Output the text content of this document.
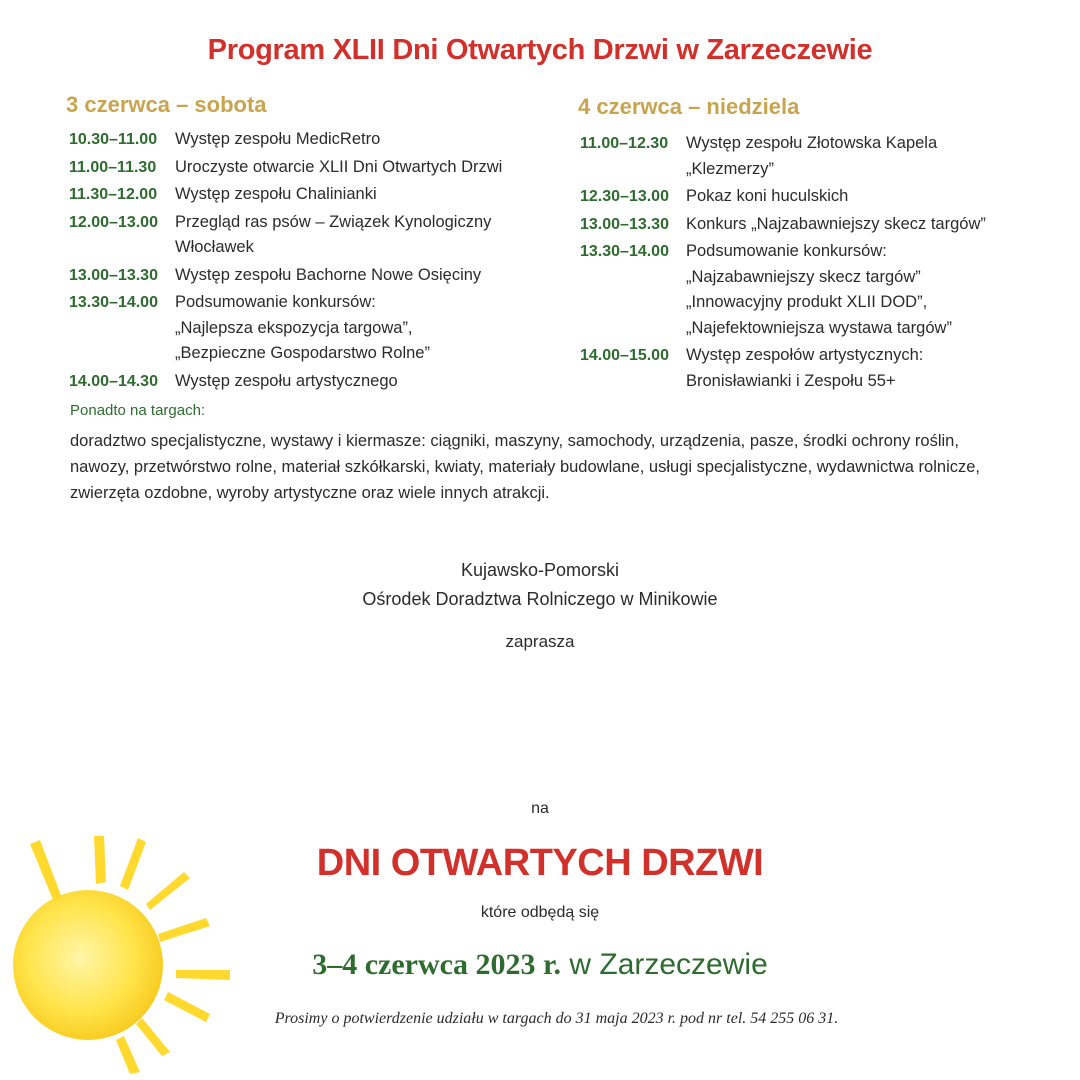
Program XLII Dni Otwartych Drzwi w Zarzeczewie
3 czerwca – sobota
10.30–11.00	Występ zespołu MedicRetro
11.00–11.30	Uroczyste otwarcie XLII Dni Otwartych Drzwi
11.30–12.00	Występ zespołu Chalinianki
12.00–13.00	Przegląd ras psów – Związek Kynologiczny
Włocławek
13.00–13.30	Występ zespołu Bachorne Nowe Osięciny
13.30–14.00	Podsumowanie konkursów:
„Najlepsza ekspozycja targowa”,
„Bezpieczne Gospodarstwo Rolne”
14.00–14.30	Występ zespołu artystycznego
4 czerwca – niedziela
11.00–12.30	Występ zespołu Złotowska Kapela
„Klezmerzy”
12.30–13.00	Pokaz koni huculskich
13.00–13.30	Konkurs „Najzabawniejszy skecz targów”
13.30–14.00	Podsumowanie konkursów:
„Najzabawniejszy skecz targów”
„Innowacyjny produkt XLII DOD”,
„Najefektowniejsza wystawa targów”
14.00–15.00	Występ zespołów artystycznych:
Bronisławianki i Zespołu 55+

Ponadto na targach:

doradztwo specjalistyczne, wystawy i kiermasze: ciągniki, maszyny, samochody, urządzenia, pasze, środki ochrony roślin, nawozy, przetwórstwo rolne, materiał szkółkarski, kwiaty, materiały budowlane, usługi specjalistyczne, wydawnictwa rolnicze, zwierzęta ozdobne, wyroby artystyczne oraz wiele innych atrakcji.

Kujawsko-Pomorski

Ośrodek Doradztwa Rolniczego w Minikowie

zaprasza

na

DNI OTWARTYCH DRZWI

które odbędą się

3–4 czerwca 2023 r. w Zarzeczewie

Prosimy o potwierdzenie udziału w targach do 31 maja 2023 r. pod nr tel. 54 255 06 31.
